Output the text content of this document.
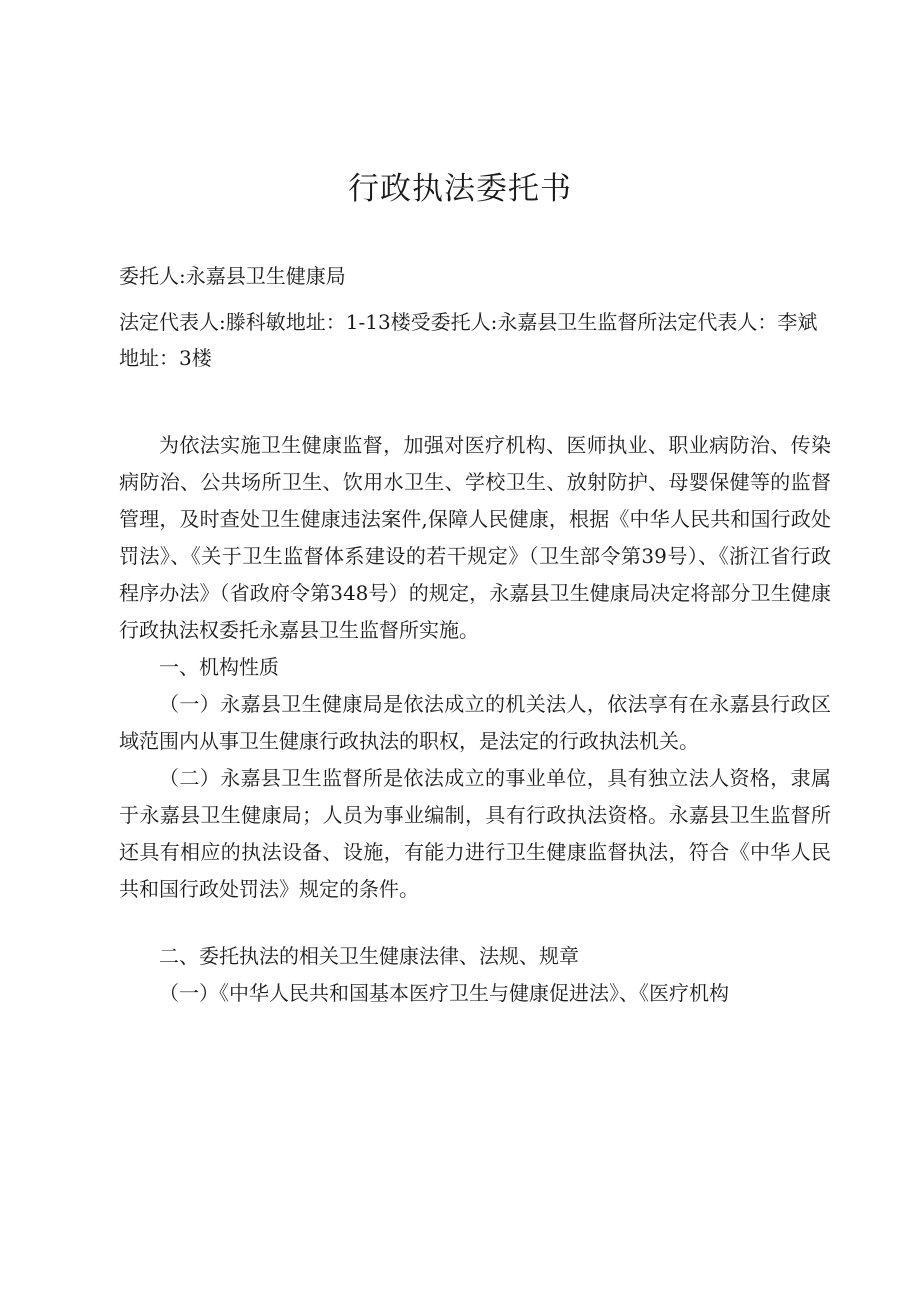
行政执法委托书

委托人:永嘉县卫生健康局

法定代表人:滕科敏地址：1-13楼受委托人:永嘉县卫生监督所法定代表人：李斌地址：3楼

为依法实施卫生健康监督，加强对医疗机构、医师执业、职业病防治、传染病防治、公共场所卫生、饮用水卫生、学校卫生、放射防护、母婴保健等的监督管理，及时查处卫生健康违法案件,保障人民健康，根据《中华人民共和国行政处罚法》、《关于卫生监督体系建设的若干规定》（卫生部令第39号）、《浙江省行政程序办法》（省政府令第348号）的规定，永嘉县卫生健康局决定将部分卫生健康行政执法权委托永嘉县卫生监督所实施。

一、机构性质

（一）永嘉县卫生健康局是依法成立的机关法人，依法享有在永嘉县行政区域范围内从事卫生健康行政执法的职权，是法定的行政执法机关。

（二）永嘉县卫生监督所是依法成立的事业单位，具有独立法人资格，隶属于永嘉县卫生健康局；人员为事业编制，具有行政执法资格。永嘉县卫生监督所还具有相应的执法设备、设施，有能力进行卫生健康监督执法，符合《中华人民共和国行政处罚法》规定的条件。

二、委托执法的相关卫生健康法律、法规、规章

（一）《中华人民共和国基本医疗卫生与健康促进法》、《医疗机构
